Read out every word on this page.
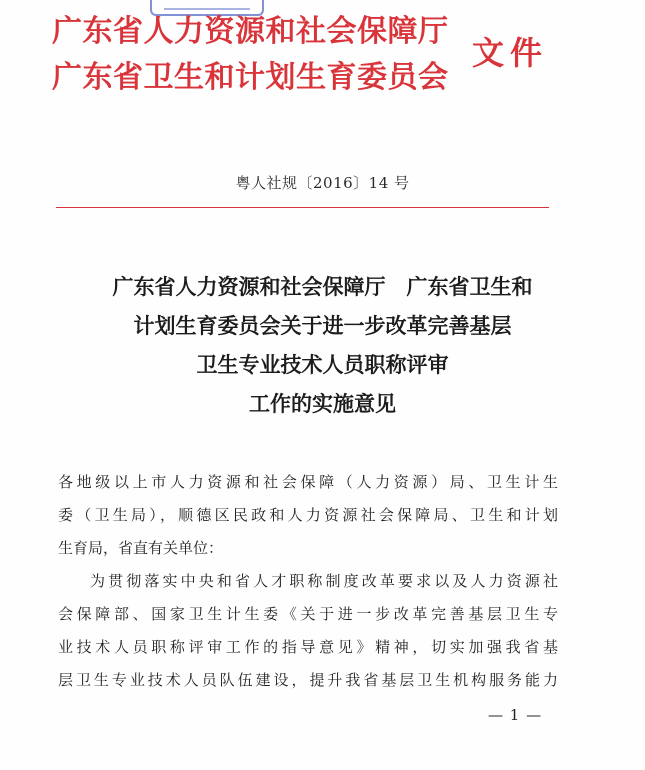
广东省人力资源和社会保障厅
广东省卫生和计划生育委员会
文件
粤人社规〔2016〕14 号
广东省人力资源和社会保障厅　广东省卫生和
计划生育委员会关于进一步改革完善基层
卫生专业技术人员职称评审
工作的实施意见
各地级以上市人力资源和社会保障（人力资源）局、卫生计生
委（卫生局），顺德区民政和人力资源社会保障局、卫生和计划
生育局，省直有关单位：
为贯彻落实中央和省人才职称制度改革要求以及人力资源社
会保障部、国家卫生计生委《关于进一步改革完善基层卫生专
业技术人员职称评审工作的指导意见》精神，切实加强我省基
层卫生专业技术人员队伍建设，提升我省基层卫生机构服务能力
— 1 —
